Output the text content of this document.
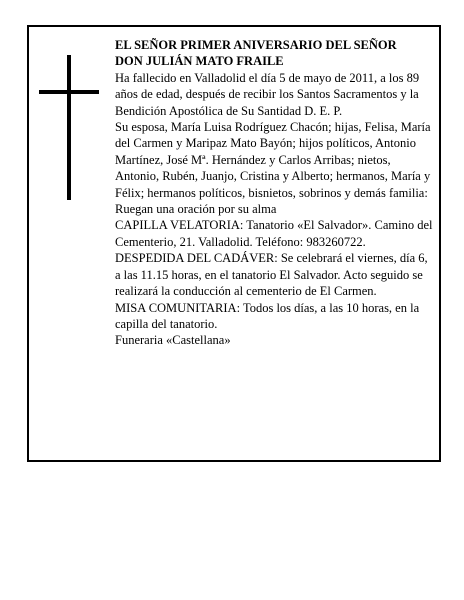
EL SEÑOR PRIMER ANIVERSARIO DEL SEÑOR

DON JULIÁN MATO FRAILE

Ha fallecido en Valladolid el día 5 de mayo de 2011, a los 89 años de edad, después de recibir los Santos Sacramentos y la Bendición Apostólica de Su Santidad D. E. P.

Su esposa, María Luisa Rodríguez Chacón; hijas, Felisa, María del Carmen y Maripaz Mato Bayón; hijos políticos, Antonio Martínez, José Mª. Hernández y Carlos Arribas; nietos, Antonio, Rubén, Juanjo, Cristina y Alberto; hermanos, María y Félix; hermanos políticos, bisnietos, sobrinos y demás familia:

Ruegan una oración por su alma

CAPILLA VELATORIA: Tanatorio «El Salvador». Camino del Cementerio, 21. Valladolid. Teléfono: 983260722.

DESPEDIDA DEL CADÁVER: Se celebrará el viernes, día 6, a las 11.15 horas, en el tanatorio El Salvador. Acto seguido se realizará la conducción al cementerio de El Carmen.

MISA COMUNITARIA: Todos los días, a las 10 horas, en la capilla del tanatorio.

Funeraria «Castellana»
